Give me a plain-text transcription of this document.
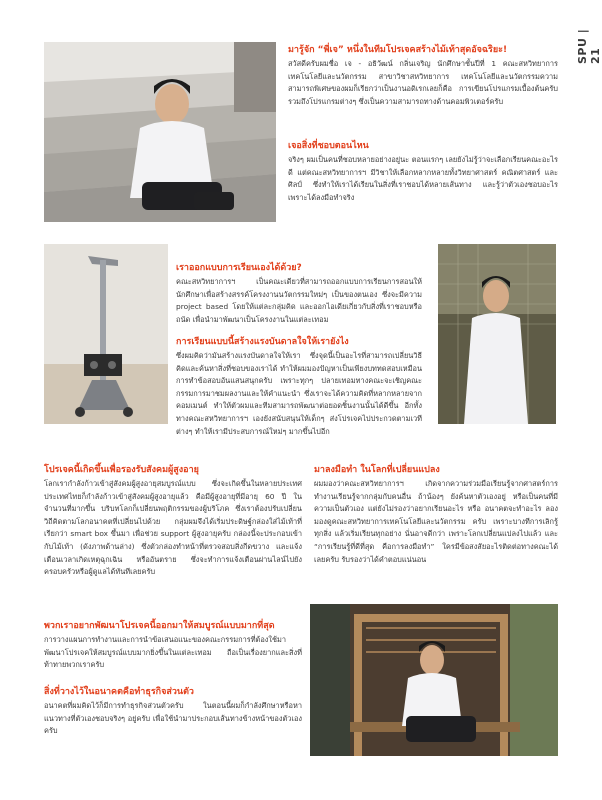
SPU | 21
มารู้จัก “พี่เจ” หนึ่งในทีมโปรเจคสร้างไม้เท้าสุดอัจฉริยะ!
สวัสดีครับผมชื่อ เจ - อธิวัฒน์ กลิ่นเจริญ นักศึกษาชั้นปีที่ 1 คณะสหวิทยาการเทคโนโลยีและนวัตกรรม สาขาวิชาสหวิทยาการ เทคโนโลยีและนวัตกรรมความสามารถพิเศษของผมก็เรียกว่าเป็นงานอดิเรกเลยก็คือ การเขียนโปรแกรมเบื้องต้นครับ รวมถึงโปรแกรมต่างๆ ซึ่งเป็นความสามารถทางด้านคอมพิวเตอร์ครับ
เจอสิ่งที่ชอบตอนไหน
จริงๆ ผมเป็นคนที่ชอบหลายอย่างอยู่นะ ตอนแรกๆ เลยยังไม่รู้ว่าจะเลือกเรียนคณะอะไรดี แต่คณะสหวิทยาการฯ มีวิชาให้เลือกหลากหลายทั้งวิทยาศาสตร์ คณิตศาสตร์ และศิลป์ ซึ่งทำให้เราได้เรียนในสิ่งที่เราชอบได้หลายเส้นทาง และรู้ว่าตัวเองชอบอะไร เพราะได้ลงมือทำจริง
เราออกแบบการเรียนเองได้ด้วย?
คณะสหวิทยาการฯ เป็นคณะเดียวที่สามารถออกแบบการเรียนการสอนให้นักศึกษาเพื่อสร้างสรรค์โครงงานนวัตกรรมใหม่ๆ เป็นของตนเอง ซึ่งจะมีความ project based โดยให้แต่ละกลุ่มคิด และออกไอเดียเกี่ยวกับสิ่งที่เราชอบหรือถนัด เพื่อนำมาพัฒนาเป็นโครงงานในแต่ละเทอม
การเรียนแบบนี้สร้างแรงบันดาลใจให้เรายังไง
ซึ่งผมคิดว่ามันสร้างแรงบันดาลใจให้เรา ซึ่งจุดนี้เป็นอะไรที่สามารถเปลี่ยนวิธีคิดและค้นหาสิ่งที่ชอบของเราได้ ทำให้ผมมองปัญหาเป็นเพียงบททดสอบเหมือนการทำข้อสอบอันแสนสนุกครับ เพราะทุกๆ ปลายเทอมทางคณะจะเชิญคณะกรรมการมาชมผลงานและให้คำแนะนำ ซึ่งเราจะได้ความคิดที่หลากหลายจากคอมเมนต์ ทำให้ตัวผมและทีมสามารถพัฒนาต่อยอดชิ้นงานนั้นได้ดีขึ้น อีกทั้งทางคณะสหวิทยาการฯ เองยังสนับสนุนให้เด็กๆ ส่งโปรเจคไปประกวดตามเวทีต่างๆ ทำให้เรามีประสบการณ์ใหม่ๆ มากขึ้นไปอีก
โปรเจคนี้เกิดขึ้นเพื่อรองรับสังคมผู้สูงอายุ
โลกเรากำลังก้าวเข้าสู่สังคมผู้สูงอายุสมบูรณ์แบบ ซึ่งจะเกิดขึ้นในหลายประเทศ ประเทศไทยก็กำลังก้าวเข้าสู่สังคมผู้สูงอายุแล้ว คือมีผู้สูงอายุที่มีอายุ 60 ปี ในจำนวนที่มากขึ้น บริบทโลกก็เปลี่ยนพฤติกรรมของผู้บริโภค ซึ่งเราต้องปรับเปลี่ยนวิถีคิดตามโลกอนาคตที่เปลี่ยนไปด้วย กลุ่มผมจึงได้เริ่มประดิษฐ์กล่องใส่ไม้เท้าที่เรียกว่า smart box ขึ้นมา เพื่อช่วย support ผู้สูงอายุครับ กล่องนี้จะประกอบเข้ากับไม้เท้า (ดังภาพด้านล่าง) ซึ่งตัวกล่องทำหน้าที่ตรวจสอบสิ่งกีดขวาง และแจ้งเตือนเวลาเกิดเหตุฉุกเฉิน หรืออันตราย ซึ่งจะทำการแจ้งเตือนผ่านไลน์ไปยังครอบครัวหรือผู้ดูแลได้ทันทีเลยครับ
มาลงมือทำ ในโลกที่เปลี่ยนแปลง
ผมมองว่าคณะสหวิทยาการฯ เกิดจากความร่วมมือเรียนรู้จากศาสตร์การทำงานเรียนรู้จากกลุ่มกับคนอื่น ถ้าน้องๆ ยังค้นหาตัวเองอยู่ หรือเป็นคนที่มีความเป็นตัวเอง แต่ยังไม่รองว่าอยากเรียนอะไร หรือ อนาคตจะทำอะไร ลองมองดูคณะสหวิทยาการเทคโนโลยีและนวัตกรรม ครับ เพราะบางทีการเลิกรู้ทุกสิ่ง แล้วเริ่มเรียนทุกอย่าง นั่นอาจดีกว่า เพราะโลกเปลี่ยนแปลงไปแล้ว และ “การเรียนรู้ที่ดีที่สุด คือการลงมือทำ” ใครมีข้อสงสัยอะไรติดต่อทางคณะได้เลยครับ รับรองว่าได้คำตอบแน่นอน
พวกเราอยากพัฒนาโปรเจคนี้ออกมาให้สมบูรณ์แบบมากที่สุด
การวางแผนการทำงานและการนำข้อเสนอแนะของคณะกรรมการที่ต้องใช้มาพัฒนาโปรเจคให้สมบูรณ์แบบมากยิ่งขึ้นในแต่ละเทอม ถือเป็นเรื่องยากและสิ่งที่ท้าทายพวกเราครับ
สิ่งที่วางไว้ในอนาคตคือทำธุรกิจส่วนตัว
อนาคตที่ผมคิดไว้ก็มีการทำธุรกิจส่วนตัวครับ ในตอนนี้ผมก็กำลังศึกษาหรือหาแนวทางที่ตัวเองชอบจริงๆ อยู่ครับ เพื่อใช้นำมาประกอบเส้นทางข้างหน้าของตัวเองครับ
